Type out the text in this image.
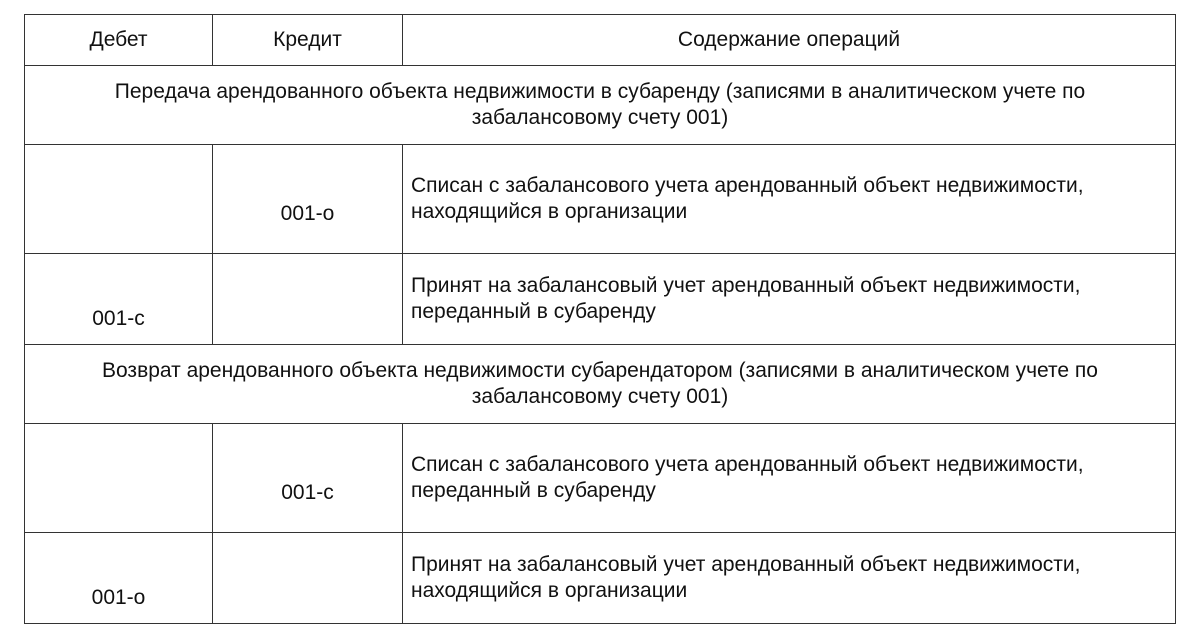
Дебет	Кредит	Содержание операций
Передача арендованного объекта недвижимости в субаренду (записями в аналитическом учете по забалансовому счету 001)		
	001-о	Списан с забалансового учета арендованный объект недвижимости, находящийся в организации
001-с		Принят на забалансовый учет арендованный объект недвижимости, переданный в субаренду
Возврат арендованного объекта недвижимости субарендатором (записями в аналитическом учете по забалансовому счету 001)		
	001-с	Списан с забалансового учета арендованный объект недвижимости, переданный в субаренду
001-о		Принят на забалансовый учет арендованный объект недвижимости, находящийся в организации
